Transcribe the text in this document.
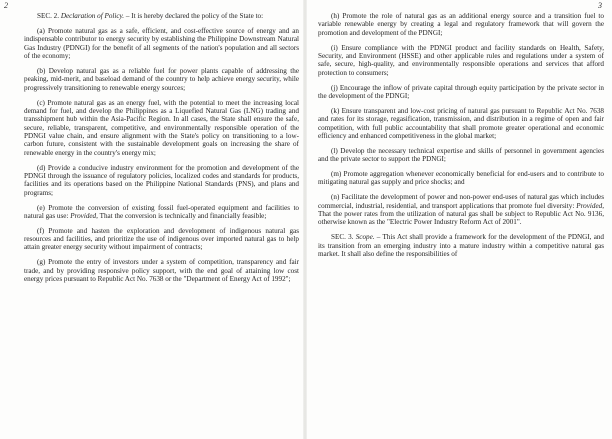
2

SEC. 2. Declaration of Policy. – It is hereby declared the policy of the State to:

(a) Promote natural gas as a safe, efficient, and cost-effective source of energy and an indispensable contributor to energy security by establishing the Philippine Downstream Natural Gas Industry (PDNGI) for the benefit of all segments of the nation's population and all sectors of the economy;

(b) Develop natural gas as a reliable fuel for power plants capable of addressing the peaking, mid-merit, and baseload demand of the country to help achieve energy security, while progressively transitioning to renewable energy sources;

(c) Promote natural gas as an energy fuel, with the potential to meet the increasing local demand for fuel, and develop the Philippines as a Liquefied Natural Gas (LNG) trading and transshipment hub within the Asia-Pacific Region. In all cases, the State shall ensure the safe, secure, reliable, transparent, competitive, and environmentally responsible operation of the PDNGI value chain, and ensure alignment with the State's policy on transitioning to a low-carbon future, consistent with the sustainable development goals on increasing the share of renewable energy in the country's energy mix;

(d) Provide a conducive industry environment for the promotion and development of the PDNGI through the issuance of regulatory policies, localized codes and standards for products, facilities and its operations based on the Philippine National Standards (PNS), and plans and programs;

(e) Promote the conversion of existing fossil fuel-operated equipment and facilities to natural gas use: Provided, That the conversion is technically and financially feasible;

(f) Promote and hasten the exploration and development of indigenous natural gas resources and facilities, and prioritize the use of indigenous over imported natural gas to help attain greater energy security without impairment of contracts;

(g) Promote the entry of investors under a system of competition, transparency and fair trade, and by providing responsive policy support, with the end goal of attaining low cost energy prices pursuant to Republic Act No. 7638 or the "Department of Energy Act of 1992";

3

(h) Promote the role of natural gas as an additional energy source and a transition fuel to variable renewable energy by creating a legal and regulatory framework that will govern the promotion and development of the PDNGI;

(i) Ensure compliance with the PDNGI product and facility standards on Health, Safety, Security, and Environment (HSSE) and other applicable rules and regulations under a system of safe, secure, high-quality, and environmentally responsible operations and services that afford protection to consumers;

(j) Encourage the inflow of private capital through equity participation by the private sector in the development of the PDNGI;

(k) Ensure transparent and low-cost pricing of natural gas pursuant to Republic Act No. 7638 and rates for its storage, regasification, transmission, and distribution in a regime of open and fair competition, with full public accountability that shall promote greater operational and economic efficiency and enhanced competitiveness in the global market;

(l) Develop the necessary technical expertise and skills of personnel in government agencies and the private sector to support the PDNGI;

(m) Promote aggregation whenever economically beneficial for end-users and to contribute to mitigating natural gas supply and price shocks; and

(n) Facilitate the development of power and non-power end-uses of natural gas which includes commercial, industrial, residential, and transport applications that promote fuel diversity: Provided, That the power rates from the utilization of natural gas shall be subject to Republic Act No. 9136, otherwise known as the "Electric Power Industry Reform Act of 2001".

SEC. 3. Scope. – This Act shall provide a framework for the development of the PDNGI, and its transition from an emerging industry into a mature industry within a competitive natural gas market. It shall also define the responsibilities of
